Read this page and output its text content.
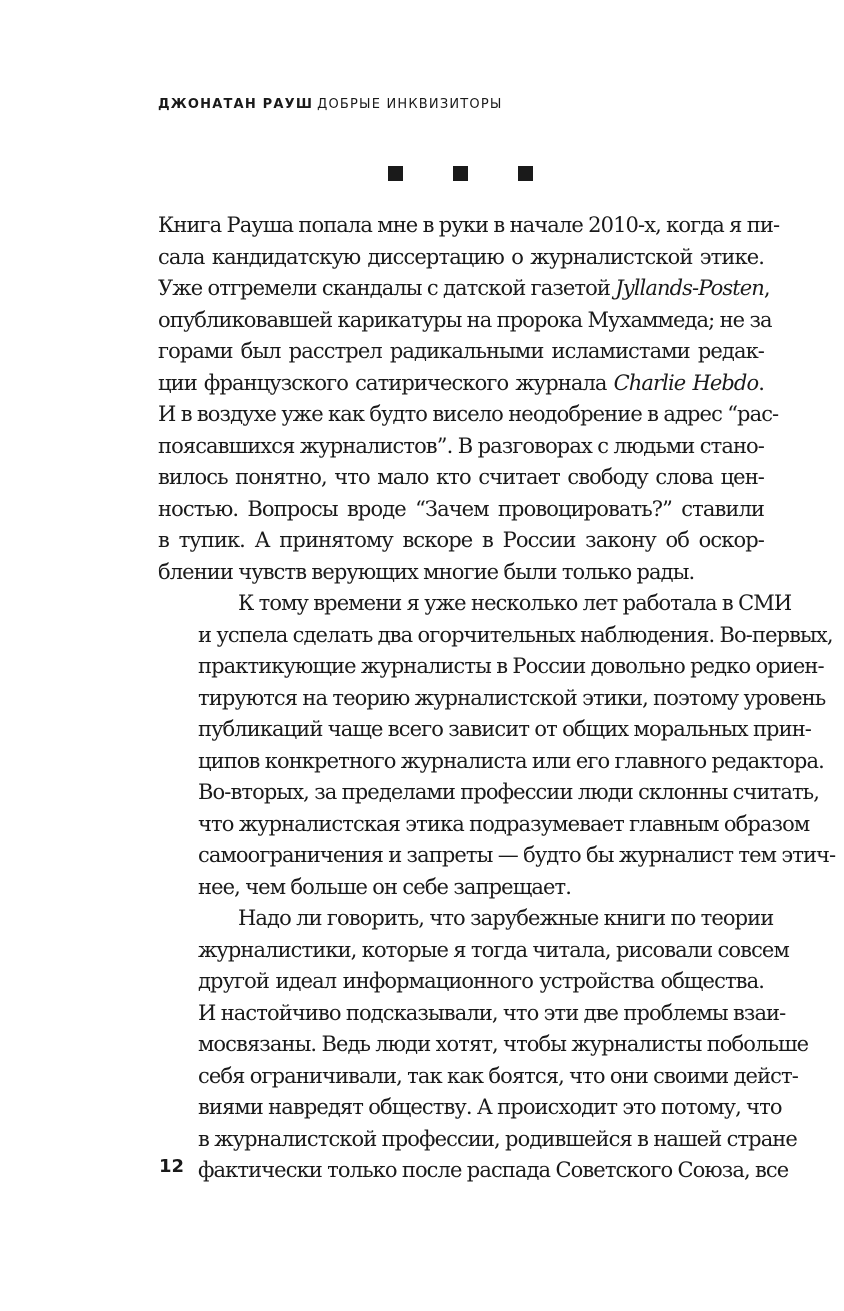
ДЖОНАТАН РАУШ ДОБРЫЕ ИНКВИЗИТОРЫ

Книга Рауша попала мне в руки в начале 2010-х, когда я пи-
сала кандидатскую диссертацию о журналистской этике.
Уже отгремели скандалы с датской газетой Jyllands-Posten,
опубликовавшей карикатуры на пророка Мухаммеда; не за
горами был расстрел радикальными исламистами редак-
ции французского сатирического журнала Charlie Hebdo.
И в воздухе уже как будто висело неодобрение в адрес “рас-
поясавшихся журналистов”. В разговорах с людьми стано-
вилось понятно, что мало кто считает свободу слова цен-
ностью. Вопросы вроде “Зачем провоцировать?” ставили
в тупик. А принятому вскоре в России закону об оскор-
блении чувств верующих многие были только рады.

К тому времени я уже несколько лет работала в СМИ
и успела сделать два огорчительных наблюдения. Во-первых,
практикующие журналисты в России довольно редко ориен-
тируются на теорию журналистской этики, поэтому уровень
публикаций чаще всего зависит от общих моральных прин-
ципов конкретного журналиста или его главного редактора.
Во-вторых, за пределами профессии люди склонны считать,
что журналистская этика подразумевает главным образом
самоограничения и запреты — будто бы журналист тем этич-
нее, чем больше он себе запрещает.

Надо ли говорить, что зарубежные книги по теории
журналистики, которые я тогда читала, рисовали совсем
другой идеал информационного устройства общества.
И настойчиво подсказывали, что эти две проблемы взаи-
мосвязаны. Ведь люди хотят, чтобы журналисты побольше
себя ограничивали, так как боятся, что они своими дейст-
виями навредят обществу. А происходит это потому, что
в журналистской профессии, родившейся в нашей стране
фактически только после распада Советского Союза, все

12
